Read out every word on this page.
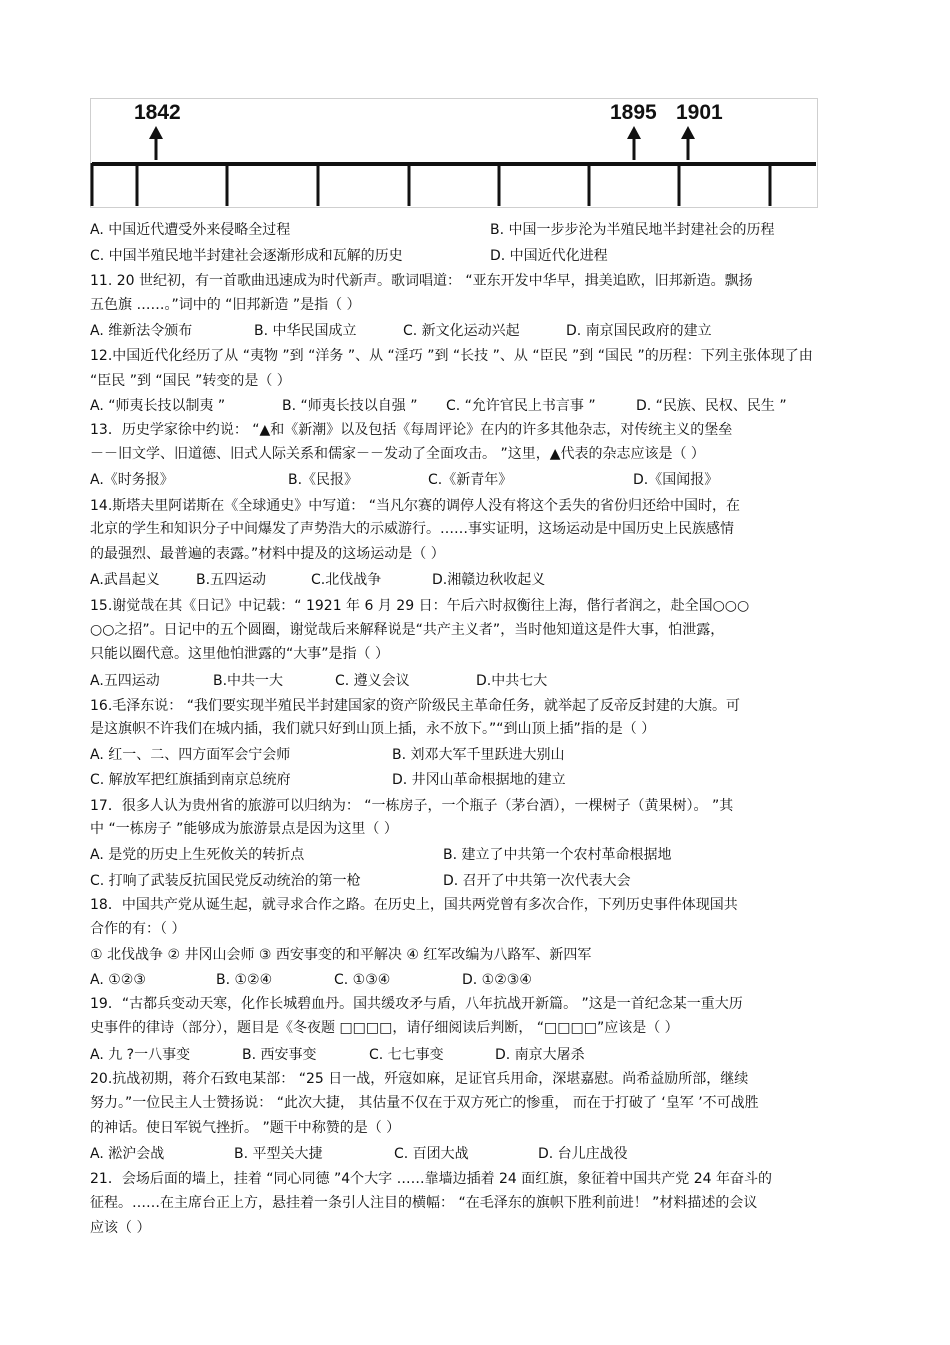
1842	1895 1901
A. 中国近代遭受外来侵略全过程	B. 中国一步步沦为半殖民地半封建社会的历程
C. 中国半殖民地半封建社会逐渐形成和瓦解的历史	D. 中国近代化进程
11. 20 世纪初，有一首歌曲迅速成为时代新声。歌词唱道： “亚东开发中华早，揖美追欧，旧邦新造。飘扬
五色旗 ……。”词中的 “旧邦新造 ”是指（ ）
A. 维新法令颁布	B. 中华民国成立	C. 新文化运动兴起	D. 南京国民政府的建立
12.中国近代化经历了从 “夷物 ”到 “洋务 ”、从 “淫巧 ”到 “长技 ”、从 “臣民 ”到 “国民 ”的历程：下列主张体现了由
“臣民 ”到 “国民 ”转变的是（ ）
A. “师夷长技以制夷 ”	B. “师夷长技以自强 ” C. “允许官民上书言事 ”	D. “民族、民权、民生 ”
13．历史学家徐中约说： “▲和《新潮》以及包括《每周评论》在内的许多其他杂志，对传统主义的堡垒
－－旧文学、旧道德、旧式人际关系和儒家－－发动了全面攻击。 ”这里，▲代表的杂志应该是（ ）
A.《时务报》	B.《民报》	C.《新青年》	D.《国闻报》
14.斯塔夫里阿诺斯在《全球通史》中写道： “当凡尔赛的调停人没有将这个丢失的省份归还给中国时，在
北京的学生和知识分子中间爆发了声势浩大的示威游行。……事实证明，这场运动是中国历史上民族感情
的最强烈、最普遍的表露。”材料中提及的这场运动是（ ）
A.武昌起义	B.五四运动	C.北伐战争	D.湘赣边秋收起义
15.谢觉哉在其《日记》中记载：“ 1921 年 6 月 29 日：午后六时叔衡往上海，偕行者润之，赴全国○○○
○○之招”。日记中的五个圆圈，谢觉哉后来解释说是“共产主义者”，当时他知道这是件大事，怕泄露，
只能以圈代意。这里他怕泄露的“大事”是指（ ）
A.五四运动	B.中共一大	C. 遵义会议	D.中共七大
16.毛泽东说： “我们要实现半殖民半封建国家的资产阶级民主革命任务，就举起了反帝反封建的大旗。可
是这旗帜不许我们在城内插，我们就只好到山顶上插，永不放下。”“到山顶上插”指的是（ ）
A. 红一、二、四方面军会宁会师	B. 刘邓大军千里跃进大别山
C. 解放军把红旗插到南京总统府	D. 井冈山革命根据地的建立
17．很多人认为贵州省的旅游可以归纳为： “一栋房子，一个瓶子（茅台酒），一棵树子（黄果树）。 ”其
中 “一栋房子 ”能够成为旅游景点是因为这里（ ）
A. 是党的历史上生死攸关的转折点	B. 建立了中共第一个农村革命根据地
C. 打响了武装反抗国民党反动统治的第一枪	D. 召开了中共第一次代表大会
18．中国共产党从诞生起，就寻求合作之路。在历史上，国共两党曾有多次合作，下列历史事件体现国共
合作的有：（ ）
① 北伐战争 ② 井冈山会师 ③ 西安事变的和平解决 ④ 红军改编为八路军、新四军
A. ①②③	B. ①②④	C. ①③④	D. ①②③④
19．“古都兵变动天寒，化作长城碧血丹。国共缓攻矛与盾，八年抗战开新篇。 ”这是一首纪念某一重大历
史事件的律诗（部分），题目是《冬夜题 □□□□，请仔细阅读后判断， “□□□□”应该是（ ）
A. 九 ?一八事变	B. 西安事变	C. 七七事变	D. 南京大屠杀
20.抗战初期，蒋介石致电某部： “25 日一战，歼寇如麻，足证官兵用命，深堪嘉慰。尚希益励所部，继续
努力。”一位民主人士赞扬说： “此次大捷， 其估量不仅在于双方死亡的惨重， 而在于打破了 ‘皇军 ’不可战胜
的神话。使日军锐气挫折。 ”题干中称赞的是（ ）
A. 淞沪会战	B. 平型关大捷	C. 百团大战	D. 台儿庄战役
21．会场后面的墙上，挂着 “同心同德 ”4个大字 ……靠墙边插着 24 面红旗，象征着中国共产党 24 年奋斗的
征程。……在主席台正上方，悬挂着一条引人注目的横幅： “在毛泽东的旗帜下胜利前进！ ”材料描述的会议
应该（ ）
